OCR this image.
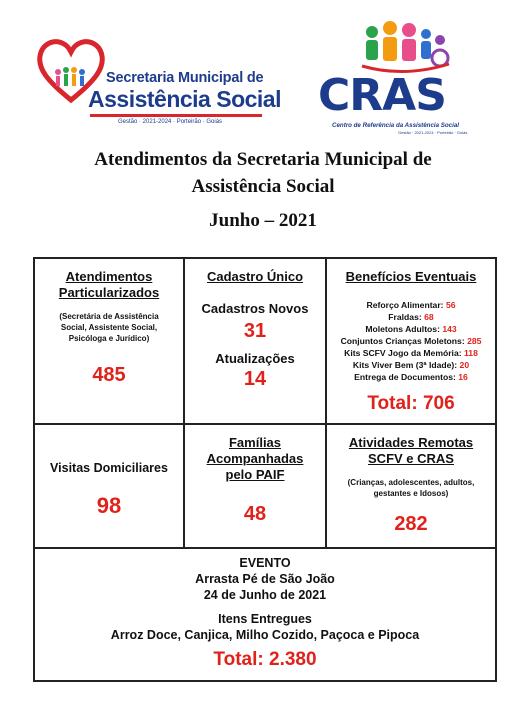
Secretaria Municipal de
Assistência Social
Gestão · 2021-2024 · Porteirão · Goiás
CRAS
Centro de Referência da Assistência Social
Gestão · 2021-2024 · Porteirão · Goiás
Atendimentos da Secretaria Municipal de
Assistência Social
Junho – 2021
Atendimentos
Particularizados
(Secretária de Assistência
Social, Assistente Social,
Psicóloga e Jurídico)
485
Cadastro Único
Cadastros Novos
31
Atualizações
14
Benefícios Eventuais
Reforço Alimentar: 56
Fraldas: 68
Moletons Adultos: 143
Conjuntos Crianças Moletons: 285
Kits SCFV Jogo da Memória: 118
Kits Viver Bem (3ª Idade): 20
Entrega de Documentos: 16
Total: 706
Visitas Domiciliares
98
Famílias
Acompanhadas
pelo PAIF
48
Atividades Remotas
SCFV e CRAS
(Crianças, adolescentes, adultos,
gestantes e Idosos)
282
EVENTO
Arrasta Pé de São João
24 de Junho de 2021
Itens Entregues
Arroz Doce, Canjica, Milho Cozido, Paçoca e Pipoca
Total: 2.380
